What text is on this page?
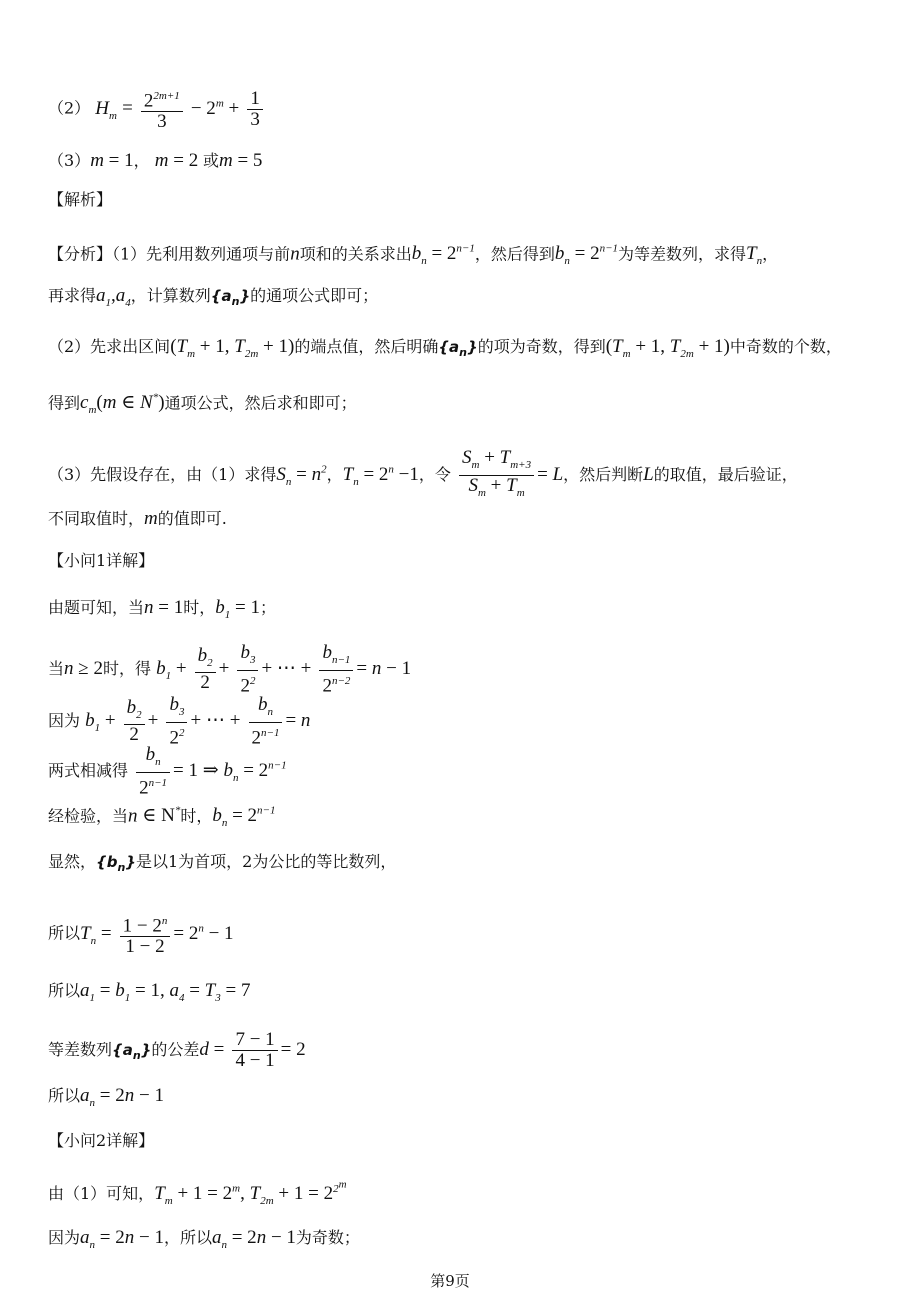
（2） $H_m = \frac{2^{2m+1}}{3} - 2^m + \frac{1}{3}$
（3）m = 1， m = 2 或m = 5
【解析】
【分析】（1）先利用数列通项与前n项和的关系求出$b_n = 2^{n-1}$，然后得到$b_n = 2^{n-1}$为等差数列，求得$T_n$，
再求得$a_1,a_4$，计算数列$\{a_n\}$的通项公式即可；
（2）先求出区间($T_m + 1$, $T_{2m} + 1$)的端点值，然后明确$\{a_n\}$的项为奇数，得到($T_m + 1$, $T_{2m} + 1$)中奇数的个数，
得到$c_m(m$ ∈ N*)通项公式，然后求和即可；
（3）先假设存在，由（1）求得$S_n = n^2$，$T_n = 2^n -1$，令 $\frac{S_m + T_{m+3}}{S_m + T_m} = L$，然后判断L的取值，最后验证，
不同取值时，m的值即可.
【小问1详解】
由题可知，当n = 1时，$b_1 = 1$；
当n ≥ 2时，得 $b_1 + \frac{b_2}{2} + \frac{b_3}{2^2}$ + ⋯ + $\frac{b_{n-1}}{2^{n-2}} = n - 1$
因为 $b_1 + \frac{b_2}{2} + \frac{b_3}{2^2}$ + ⋯ + $\frac{b_n}{2^{n-1}} = n$
两式相减得 $\frac{b_n}{2^{n-1}} = 1$ ⇒ $b_n = 2^{n-1}$
经检验，当n ∈ N*时，$b_n = 2^{n-1}$
显然，$\{b_n\}$是以1为首项，2为公比的等比数列，
所以$T_n = \frac{1 - 2^n}{1 - 2} = 2^n - 1$
所以$a_1 = b_1 = 1$, $a_4 = T_3 = 7$
等差数列$\{a_n\}$的公差$d = \frac{7 - 1}{4 - 1} = 2$
所以$a_n = 2n - 1$
【小问2详解】
由（1）可知，$T_m + 1 = 2^m$, $T_{2m} + 1 = 2^{2^m}$
因为$a_n = 2n - 1$，所以$a_n = 2n - 1$为奇数；
第9页
